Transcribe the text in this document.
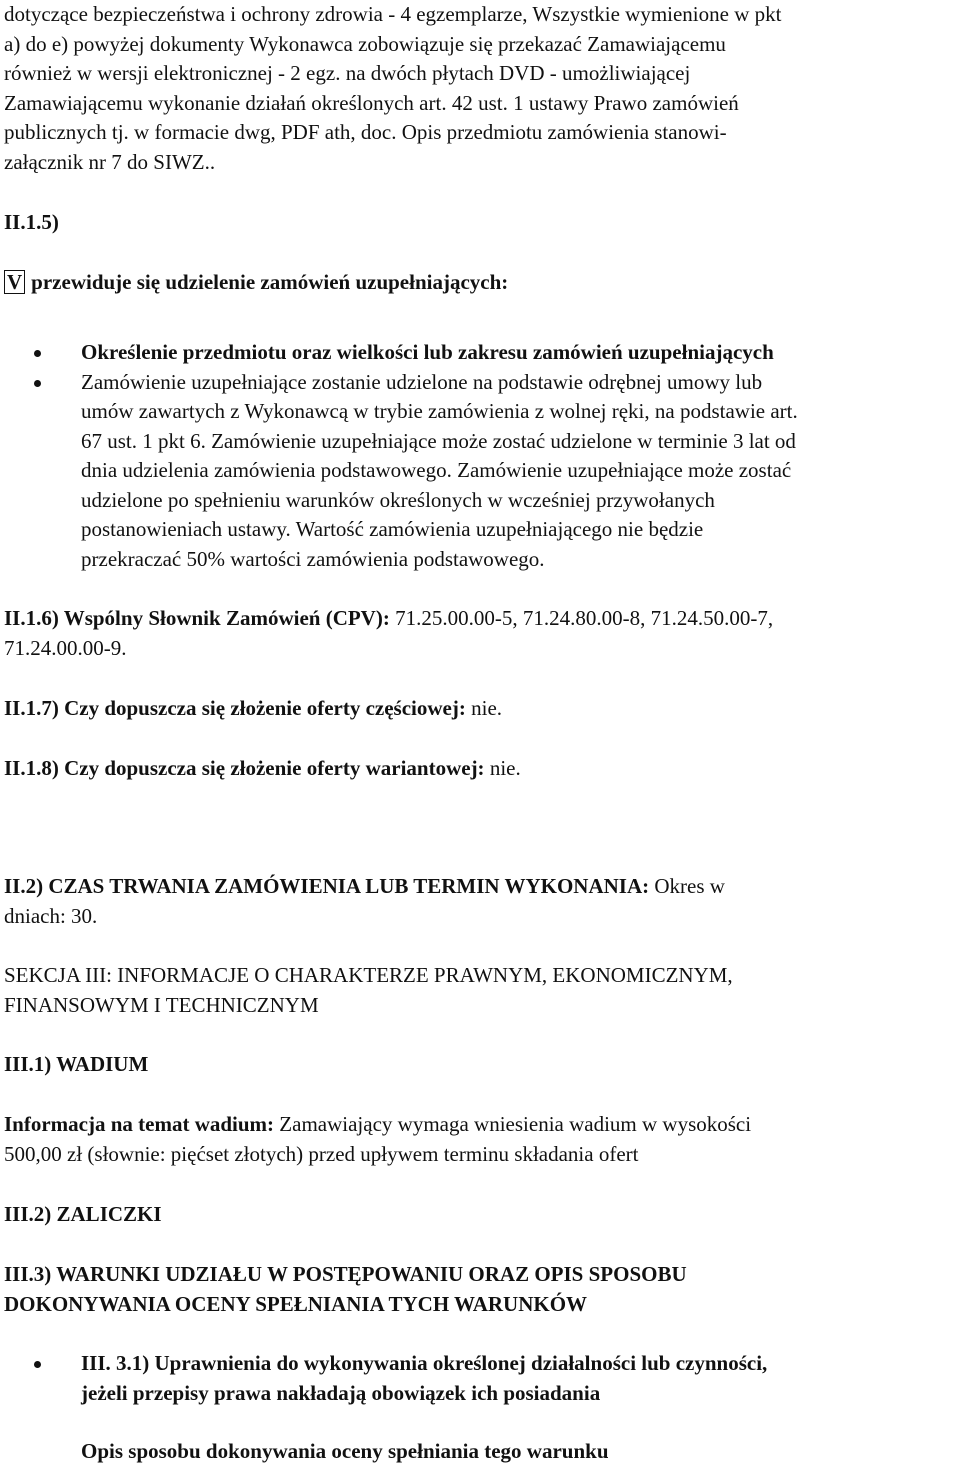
dotyczące bezpieczeństwa i ochrony zdrowia - 4 egzemplarze, Wszystkie wymienione w pkt
a) do e) powyżej dokumenty Wykonawca zobowiązuje się przekazać Zamawiającemu
również w wersji elektronicznej - 2 egz. na dwóch płytach DVD - umożliwiającej
Zamawiającemu wykonanie działań określonych art. 42 ust. 1 ustawy Prawo zamówień
publicznych tj. w formacie dwg, PDF ath, doc. Opis przedmiotu zamówienia stanowi-
załącznik nr 7 do SIWZ..
II.1.5)
V przewiduje się udzielenie zamówień uzupełniających:
Określenie przedmiotu oraz wielkości lub zakresu zamówień uzupełniających
Zamówienie uzupełniające zostanie udzielone na podstawie odrębnej umowy lub
umów zawartych z Wykonawcą w trybie zamówienia z wolnej ręki, na podstawie art.
67 ust. 1 pkt 6. Zamówienie uzupełniające może zostać udzielone w terminie 3 lat od
dnia udzielenia zamówienia podstawowego. Zamówienie uzupełniające może zostać
udzielone po spełnieniu warunków określonych w wcześniej przywołanych
postanowieniach ustawy. Wartość zamówienia uzupełniającego nie będzie
przekraczać 50% wartości zamówienia podstawowego.
II.1.6) Wspólny Słownik Zamówień (CPV): 71.25.00.00-5, 71.24.80.00-8, 71.24.50.00-7,
71.24.00.00-9.
II.1.7) Czy dopuszcza się złożenie oferty częściowej: nie.
II.1.8) Czy dopuszcza się złożenie oferty wariantowej: nie.
II.2) CZAS TRWANIA ZAMÓWIENIA LUB TERMIN WYKONANIA: Okres w
dniach: 30.
SEKCJA III: INFORMACJE O CHARAKTERZE PRAWNYM, EKONOMICZNYM,
FINANSOWYM I TECHNICZNYM
III.1) WADIUM
Informacja na temat wadium: Zamawiający wymaga wniesienia wadium w wysokości
500,00 zł (słownie: pięćset złotych) przed upływem terminu składania ofert
III.2) ZALICZKI
III.3) WARUNKI UDZIAŁU W POSTĘPOWANIU ORAZ OPIS SPOSOBU
DOKONYWANIA OCENY SPEŁNIANIA TYCH WARUNKÓW
III. 3.1) Uprawnienia do wykonywania określonej działalności lub czynności,
jeżeli przepisy prawa nakładają obowiązek ich posiadania
Opis sposobu dokonywania oceny spełniania tego warunku
